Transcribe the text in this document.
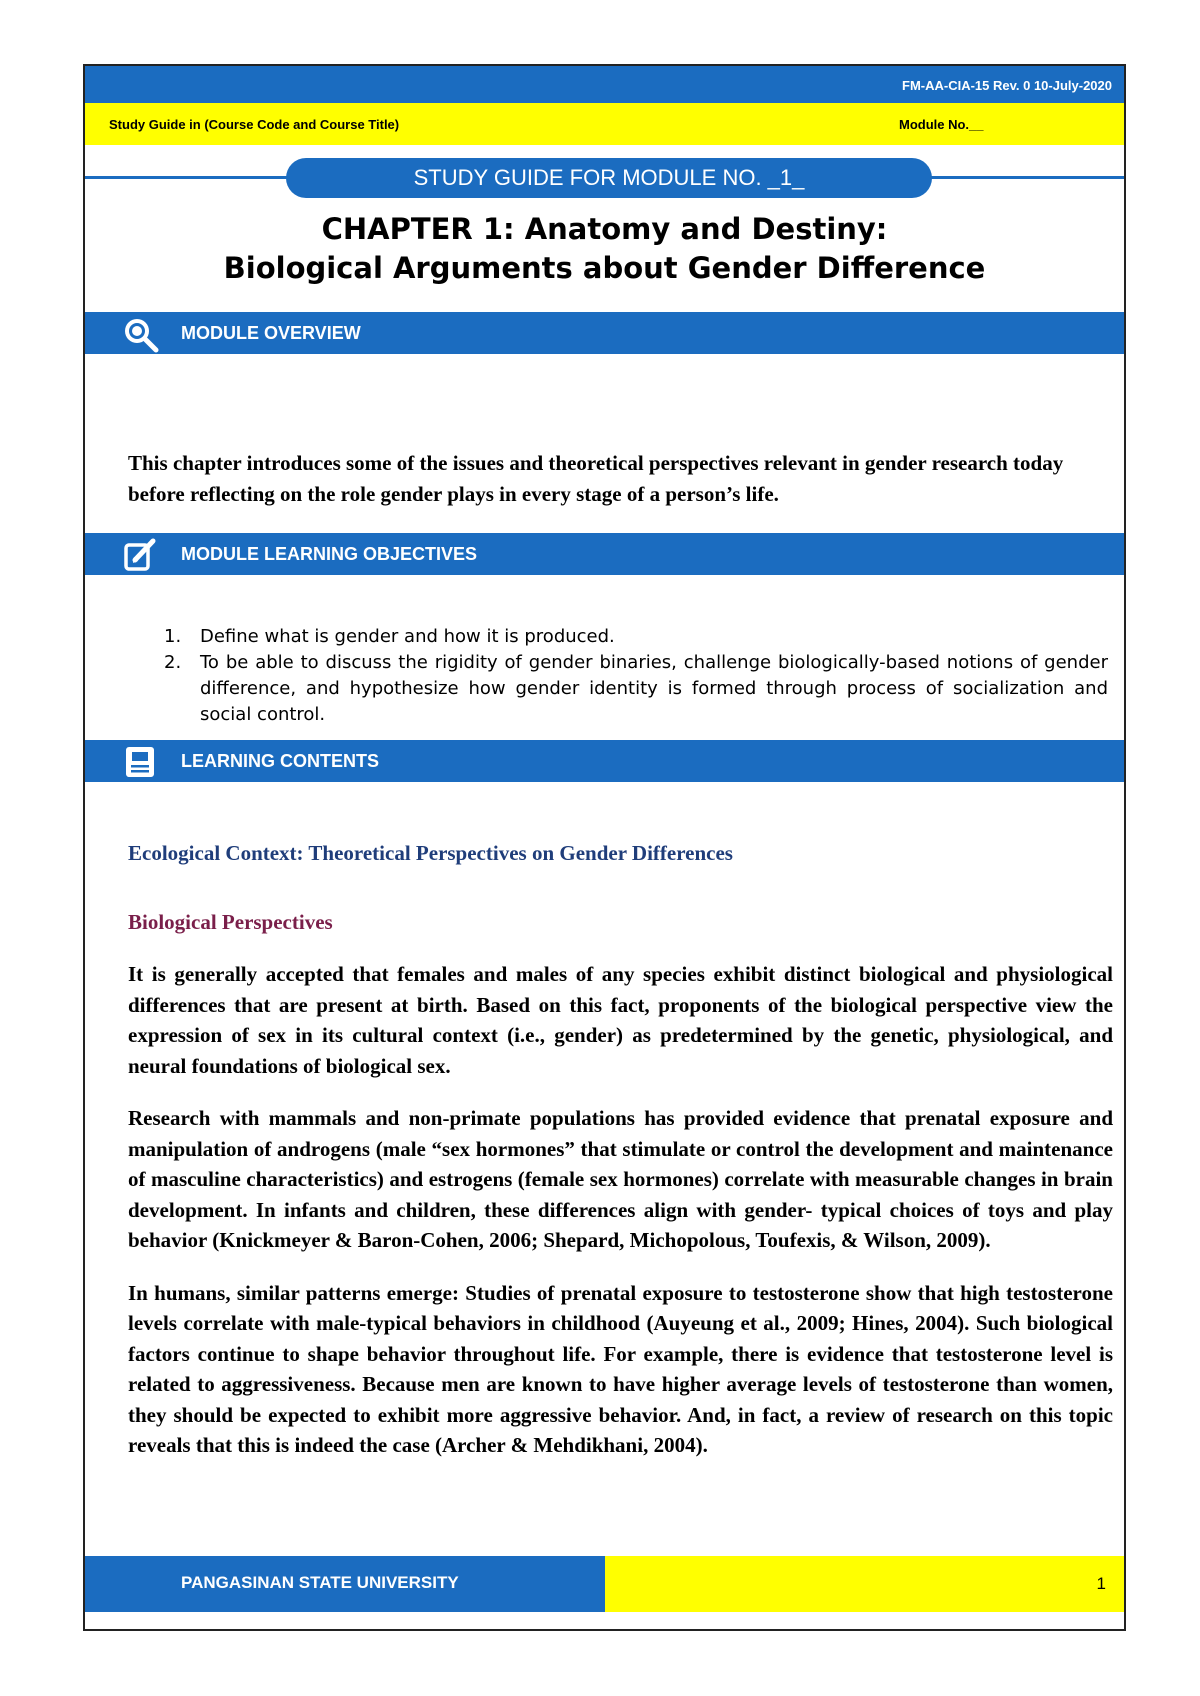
FM-AA-CIA-15 Rev. 0 10-July-2020
Study Guide in (Course Code and Course Title)	Module No.__
STUDY GUIDE FOR MODULE NO. _1_
CHAPTER 1: Anatomy and Destiny:
Biological Arguments about Gender Difference
MODULE OVERVIEW
This chapter introduces some of the issues and theoretical perspectives relevant in gender research today before reflecting on the role gender plays in every stage of a person’s life.
MODULE LEARNING OBJECTIVES
1. Define what is gender and how it is produced.
2. To be able to discuss the rigidity of gender binaries, challenge biologically-based notions of gender difference, and hypothesize how gender identity is formed through process of socialization and social control.
LEARNING CONTENTS

Ecological Context: Theoretical Perspectives on Gender Differences

Biological Perspectives

It is generally accepted that females and males of any species exhibit distinct biological and physiological differences that are present at birth. Based on this fact, proponents of the biological perspective view the expression of sex in its cultural context (i.e., gender) as predetermined by the genetic, physiological, and neural foundations of biological sex.

Research with mammals and non-primate populations has provided evidence that prenatal exposure and manipulation of androgens (male “sex hormones” that stimulate or control the development and maintenance of masculine characteristics) and estrogens (female sex hormones) correlate with measurable changes in brain development. In infants and children, these differences align with gender- typical choices of toys and play behavior (Knickmeyer & Baron-Cohen, 2006; Shepard, Michopolous, Toufexis, & Wilson, 2009).

In humans, similar patterns emerge: Studies of prenatal exposure to testosterone show that high testosterone levels correlate with male-typical behaviors in childhood (Auyeung et al., 2009; Hines, 2004). Such biological factors continue to shape behavior throughout life. For example, there is evidence that testosterone level is related to aggressiveness. Because men are known to have higher average levels of testosterone than women, they should be expected to exhibit more aggressive behavior. And, in fact, a review of research on this topic reveals that this is indeed the case (Archer & Mehdikhani, 2004).

PANGASINAN STATE UNIVERSITY	1
